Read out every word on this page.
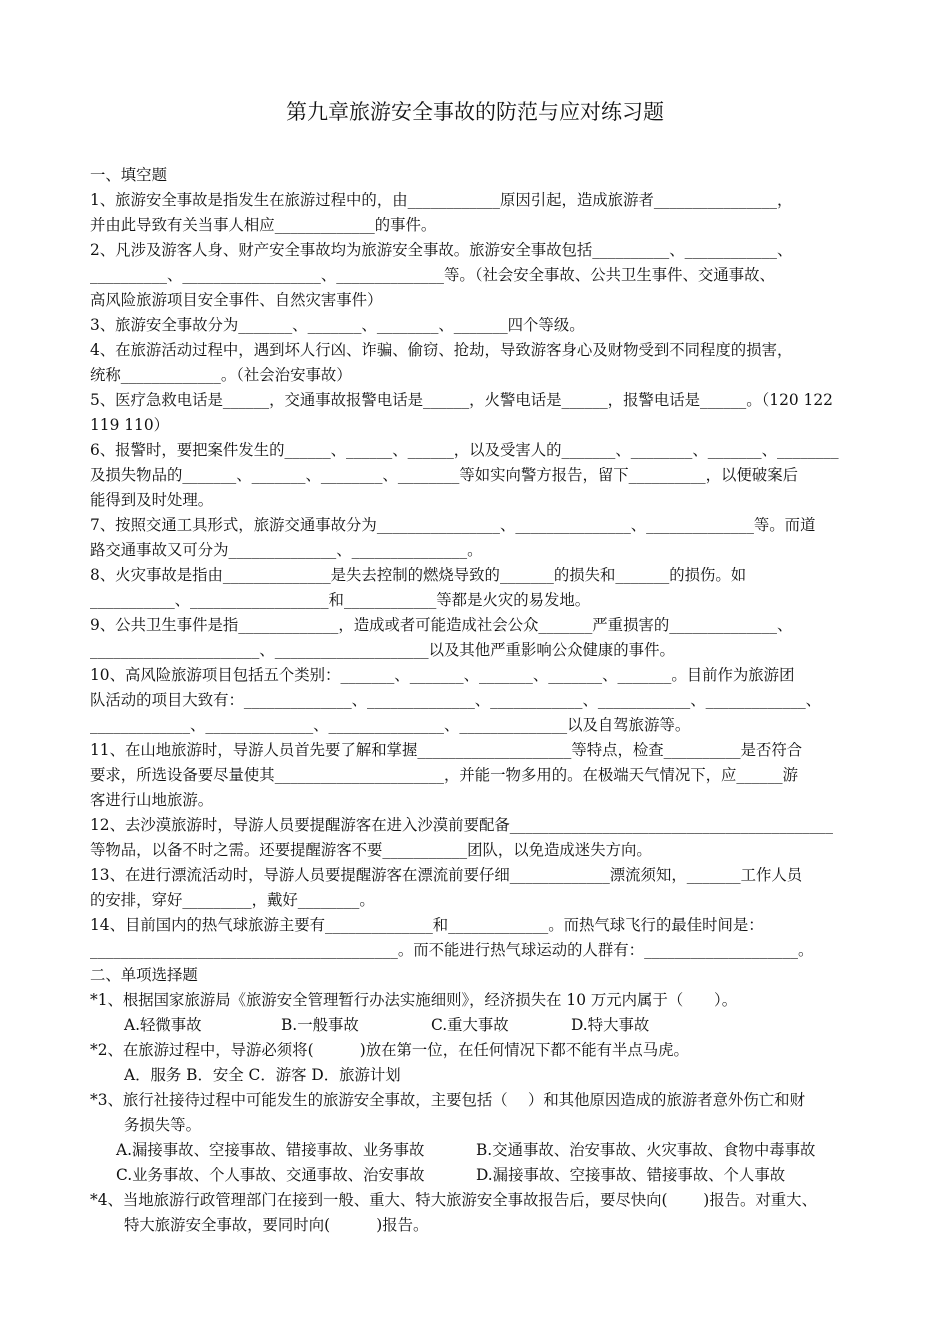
第九章旅游安全事故的防范与应对练习题

一、填空题

1、旅游安全事故是指发生在旅游过程中的，由____________原因引起，造成旅游者________________，

并由此导致有关当事人相应_____________的事件。

2、凡涉及游客人身、财产安全事故均为旅游安全事故。旅游安全事故包括__________、____________、

__________、__________________、______________等。（社会安全事故、公共卫生事件、交通事故、

高风险旅游项目安全事件、自然灾害事件）

3、旅游安全事故分为_______、_______、________、_______四个等级。

4、在旅游活动过程中，遇到坏人行凶、诈骗、偷窃、抢劫，导致游客身心及财物受到不同程度的损害，

统称_____________。（社会治安事故）

5、医疗急救电话是______，交通事故报警电话是______，火警电话是______，报警电话是______。（120 122

119 110）

6、报警时，要把案件发生的______、______、______，以及受害人的_______、________、_______、________

及损失物品的_______、_______、________、________等如实向警方报告，留下__________，以便破案后

能得到及时处理。

7、按照交通工具形式，旅游交通事故分为________________、_______________、______________等。而道

路交通事故又可分为______________、_______________。

8、火灾事故是指由______________是失去控制的燃烧导致的_______的损失和_______的损伤。如

___________、__________________和____________等都是火灾的易发地。

9、公共卫生事件是指_____________，造成或者可能造成社会公众_______严重损害的______________、

______________________、____________________以及其他严重影响公众健康的事件。

10、高风险旅游项目包括五个类别：_______、_______、_______、_______、_______。目前作为旅游团

队活动的项目大致有：______________、______________、____________、____________、_____________、

_____________、______________、_______________、______________以及自驾旅游等。

11、在山地旅游时，导游人员首先要了解和掌握____________________等特点，检查__________是否符合

要求，所选设备要尽量使其______________________，并能一物多用的。在极端天气情况下，应______游

客进行山地旅游。

12、去沙漠旅游时，导游人员要提醒游客在进入沙漠前要配备__________________________________________

等物品，以备不时之需。还要提醒游客不要___________团队，以免造成迷失方向。

13、在进行漂流活动时，导游人员要提醒游客在漂流前要仔细_____________漂流须知，_______工作人员

的安排，穿好_________，戴好________。

14、目前国内的热气球旅游主要有______________和_____________。而热气球飞行的最佳时间是：

________________________________________。而不能进行热气球运动的人群有：____________________。

二、单项选择题

*1、根据国家旅游局《旅游安全管理暂行办法实施细则》，经济损失在 10 万元内属于（　　）。

A.轻微事故	B.一般事故	C.重大事故	D.特大事故

*2、在旅游过程中，导游必须将(　　　)放在第一位，在任何情况下都不能有半点马虎。

A．服务 B．安全 C．游客 D．旅游计划

*3、旅行社接待过程中可能发生的旅游安全事故，主要包括（　 ）和其他原因造成的旅游者意外伤亡和财

务损失等。

A.漏接事故、空接事故、错接事故、业务事故	B.交通事故、治安事故、火灾事故、食物中毒事故

C.业务事故、个人事故、交通事故、治安事故	D.漏接事故、空接事故、错接事故、个人事故

*4、当地旅游行政管理部门在接到一般、重大、特大旅游安全事故报告后，要尽快向(　　 )报告。对重大、

特大旅游安全事故，要同时向(　　　)报告。
